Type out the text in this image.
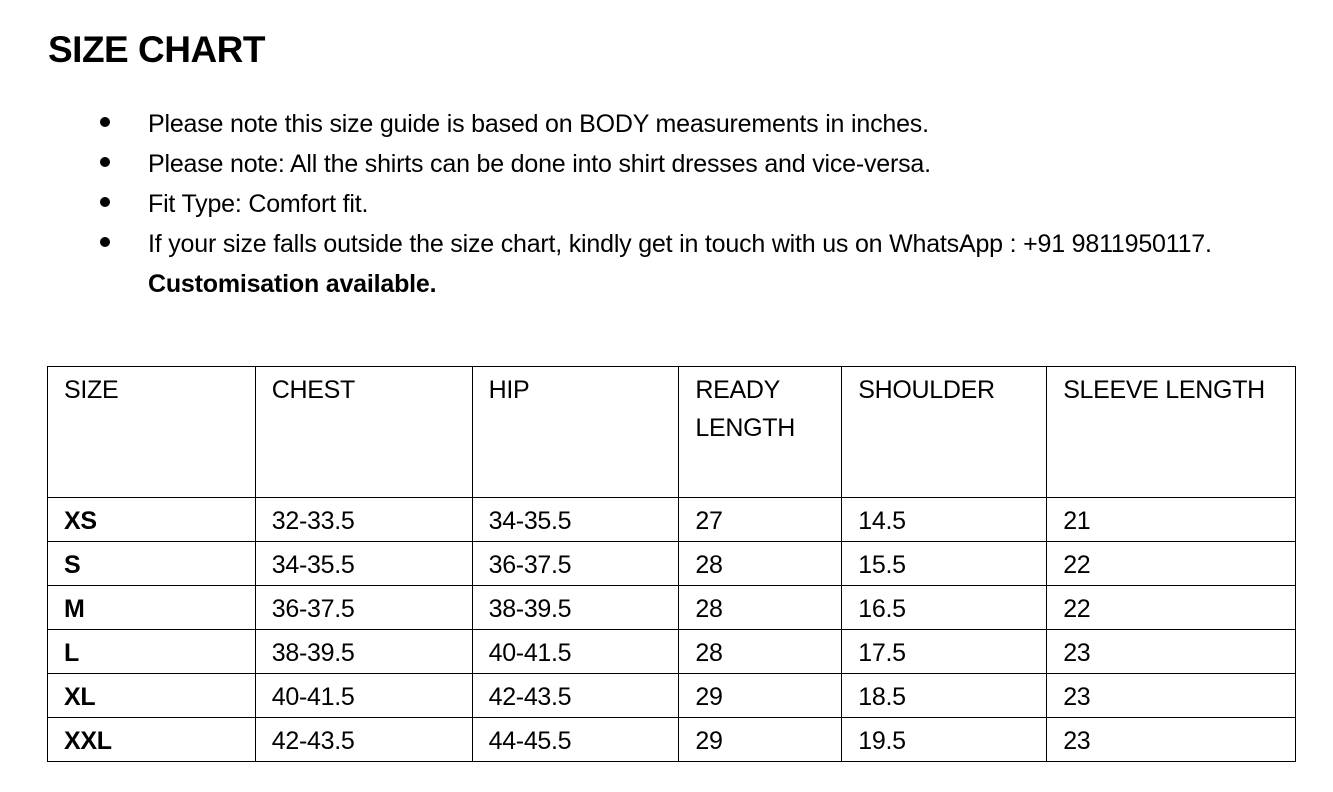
SIZE CHART
Please note this size guide is based on BODY measurements in inches.
Please note: All the shirts can be done into shirt dresses and vice-versa.
Fit Type: Comfort fit.
If your size falls outside the size chart, kindly get in touch with us on WhatsApp : +91 9811950117. Customisation available.
SIZE	CHEST	HIP	READY LENGTH	SHOULDER	SLEEVE LENGTH
XS	32-33.5	34-35.5	27	14.5	21
S	34-35.5	36-37.5	28	15.5	22
M	36-37.5	38-39.5	28	16.5	22
L	38-39.5	40-41.5	28	17.5	23
XL	40-41.5	42-43.5	29	18.5	23
XXL	42-43.5	44-45.5	29	19.5	23
